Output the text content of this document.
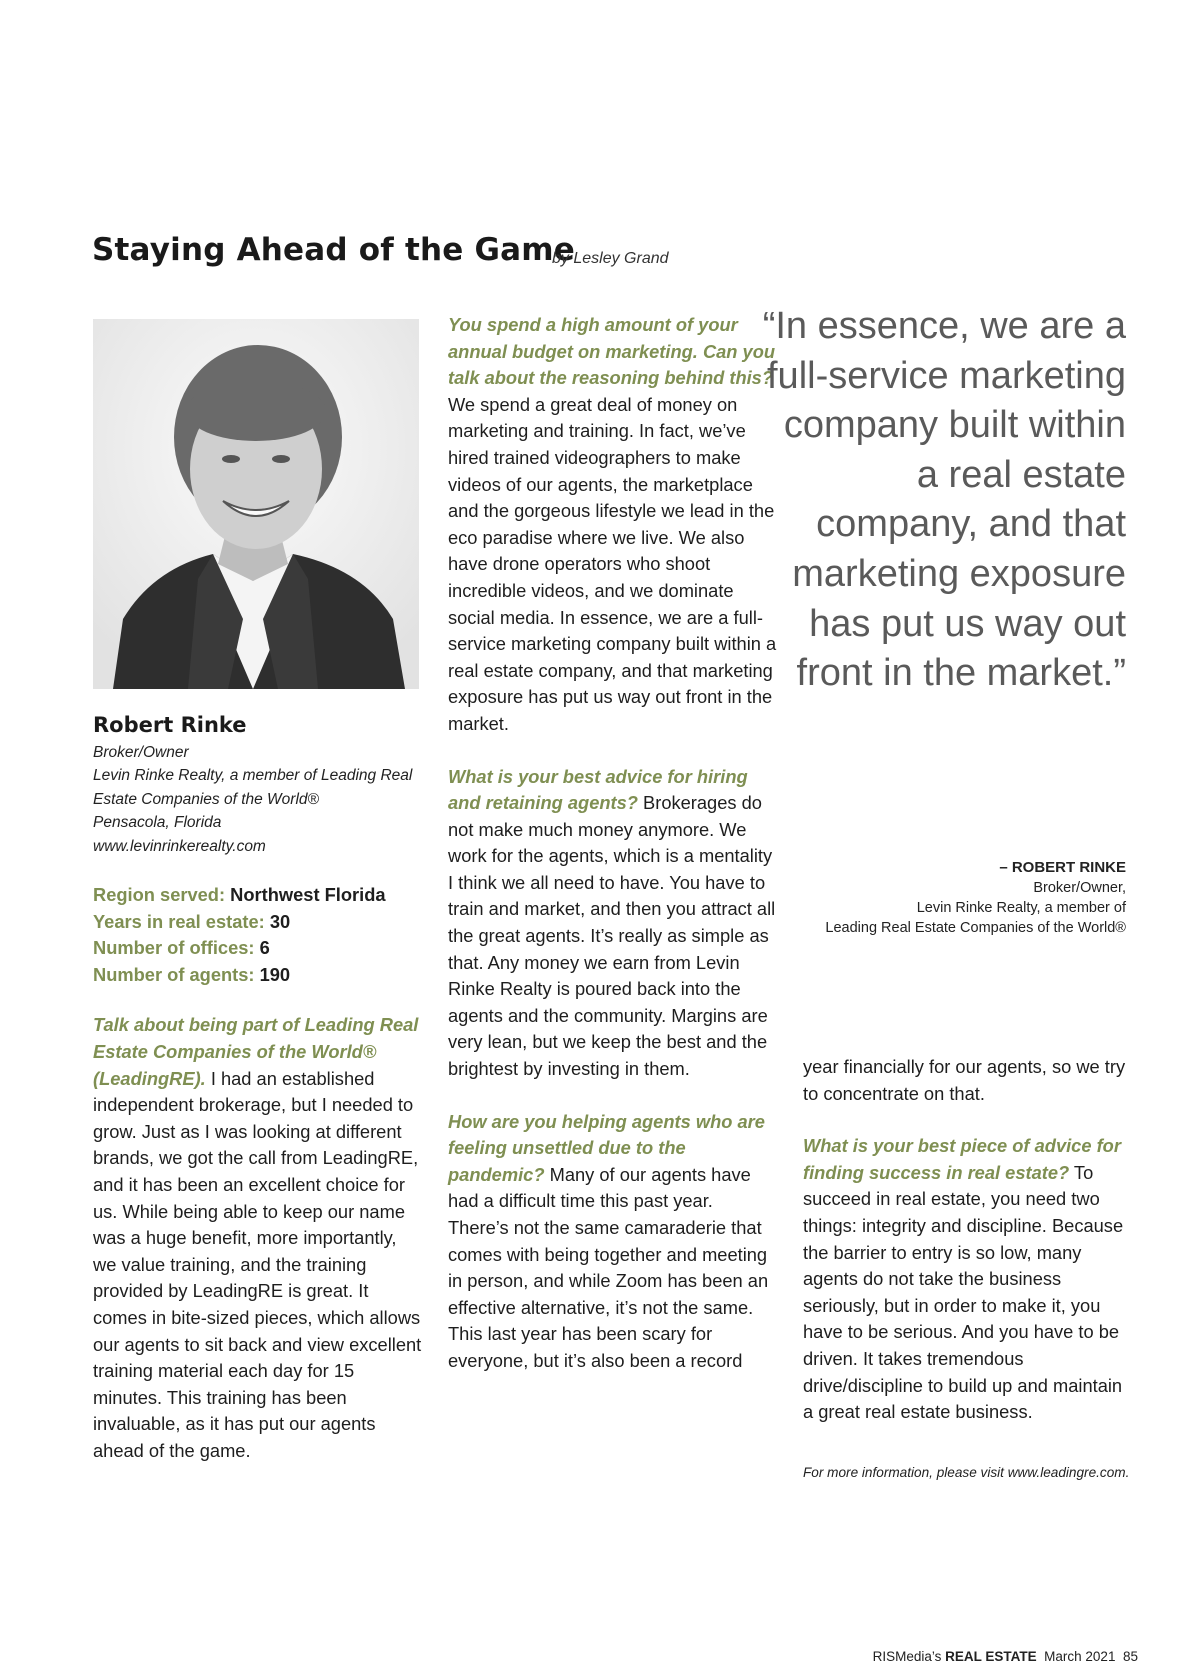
Staying Ahead of the Game
by Lesley Grand
Robert Rinke
Broker/Owner
Levin Rinke Realty, a member of Leading Real Estate Companies of the World®
Pensacola, Florida
www.levinrinkerealty.com
Region served: Northwest Florida
Years in real estate: 30
Number of offices: 6
Number of agents: 190

Talk about being part of Leading Real Estate Companies of the World® (LeadingRE). I had an established independent brokerage, but I needed to grow. Just as I was looking at different brands, we got the call from LeadingRE, and it has been an excellent choice for us. While being able to keep our name was a huge benefit, more importantly, we value training, and the training provided by LeadingRE is great. It comes in bite-sized pieces, which allows our agents to sit back and view excellent training material each day for 15 minutes. This training has been invaluable, as it has put our agents ahead of the game.

You spend a high amount of your annual budget on marketing. Can you talk about the reasoning behind this? We spend a great deal of money on marketing and training. In fact, we’ve hired trained videographers to make videos of our agents, the marketplace and the gorgeous lifestyle we lead in the eco paradise where we live. We also have drone operators who shoot incredible videos, and we dominate social media. In essence, we are a full-service marketing company built within a real estate company, and that marketing exposure has put us way out front in the market.

What is your best advice for hiring and retaining agents? Brokerages do not make much money anymore. We work for the agents, which is a mentality I think we all need to have. You have to train and market, and then you attract all the great agents. It’s really as simple as that. Any money we earn from Levin Rinke Realty is poured back into the agents and the community. Margins are very lean, but we keep the best and the brightest by investing in them.

How are you helping agents who are feeling unsettled due to the pandemic? Many of our agents have had a difficult time this past year. There’s not the same camaraderie that comes with being together and meeting in person, and while Zoom has been an effective alternative, it’s not the same. This last year has been scary for everyone, but it’s also been a record

“In essence, we are a full-service marketing company built within a real estate company, and that marketing exposure has put us way out front in the market.”
– ROBERT RINKE
Broker/Owner,
Levin Rinke Realty, a member of
Leading Real Estate Companies of the World®

year financially for our agents, so we try to concentrate on that.

What is your best piece of advice for finding success in real estate? To succeed in real estate, you need two things: integrity and discipline. Because the barrier to entry is so low, many agents do not take the business seriously, but in order to make it, you have to be serious. And you have to be driven. It takes tremendous drive/discipline to build up and maintain a great real estate business.

For more information, please visit www.leadingre.com.
RISMedia’s REAL ESTATE March 2021 85
